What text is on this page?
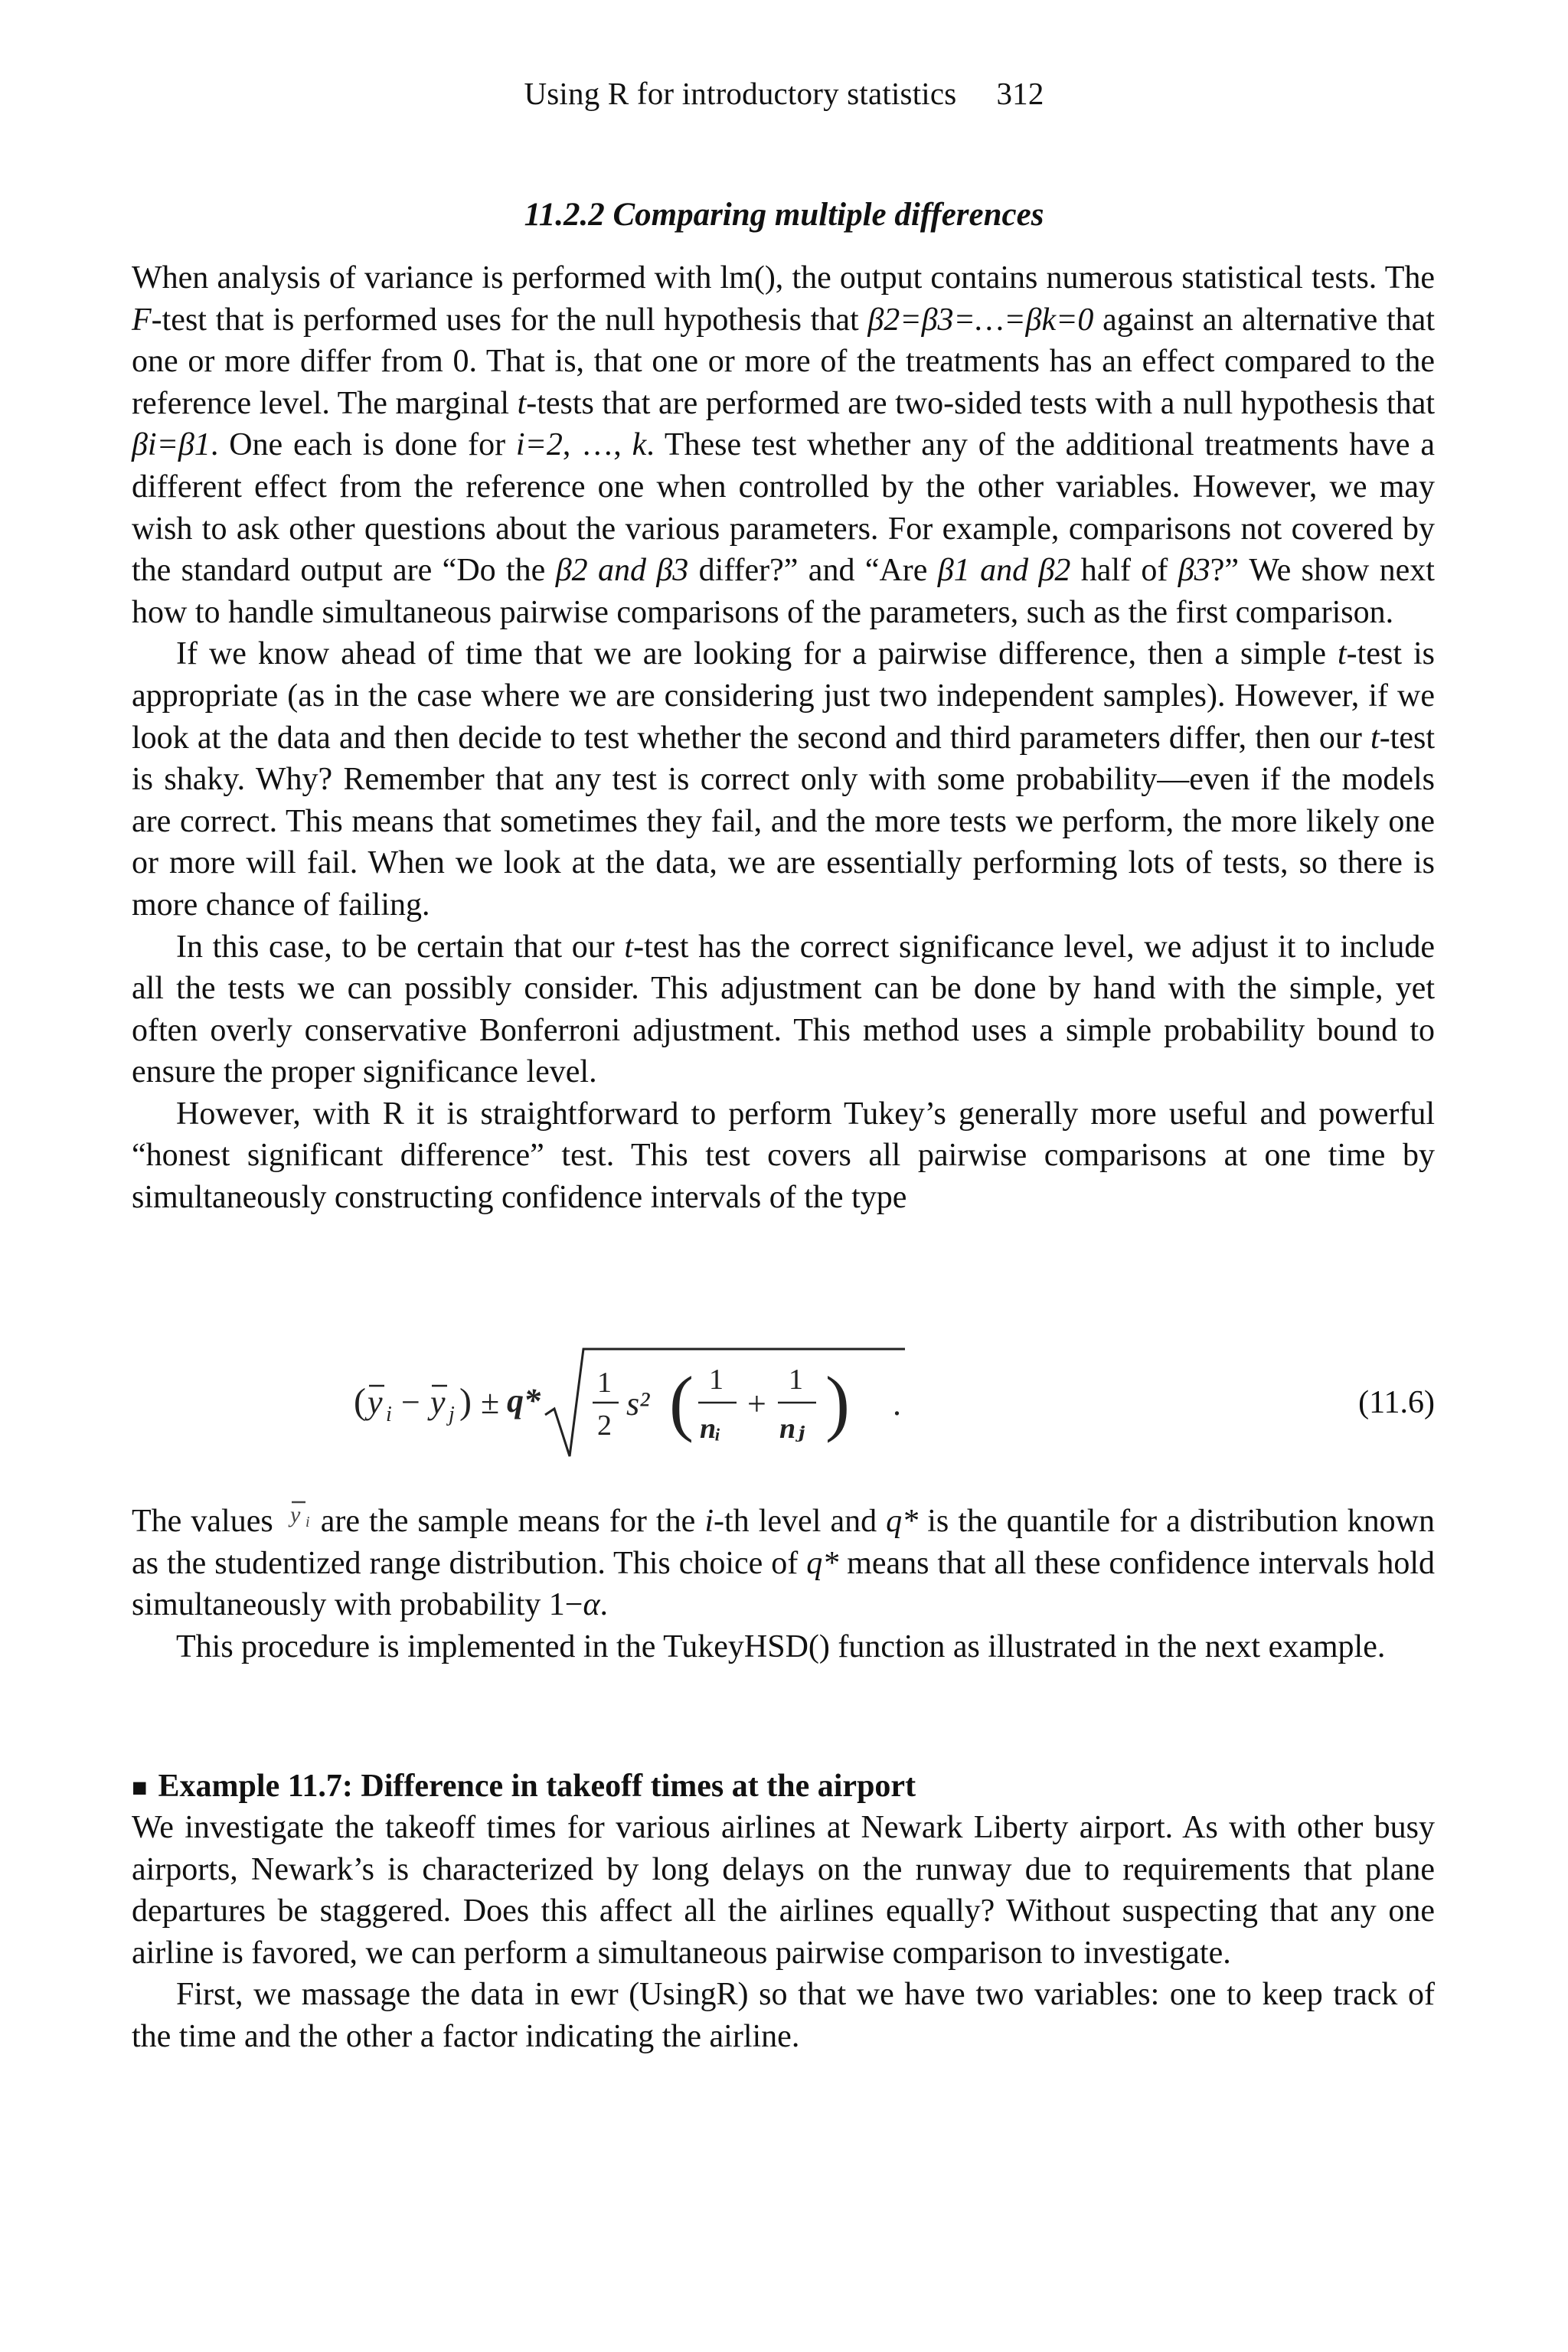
Using R for introductory statistics 312
11.2.2 Comparing multiple differences

When analysis of variance is performed with lm(), the output contains numerous statistical tests. The F-test that is performed uses for the null hypothesis that β2=β3=…=βk=0 against an alternative that one or more differ from 0. That is, that one or more of the treatments has an effect compared to the reference level. The marginal t-tests that are performed are two-sided tests with a null hypothesis that βi=β1. One each is done for i=2, …, k. These test whether any of the additional treatments have a different effect from the reference one when controlled by the other variables. However, we may wish to ask other questions about the various parameters. For example, comparisons not covered by the standard output are “Do the β2 and β3 differ?” and “Are β1 and β2 half of β3?” We show next how to handle simultaneous pairwise comparisons of the parameters, such as the first comparison.

If we know ahead of time that we are looking for a pairwise difference, then a simple t-test is appropriate (as in the case where we are considering just two independent samples). However, if we look at the data and then decide to test whether the second and third parameters differ, then our t-test is shaky. Why? Remember that any test is correct only with some probability—even if the models are correct. This means that sometimes they fail, and the more tests we perform, the more likely one or more will fail. When we look at the data, we are essentially performing lots of tests, so there is more chance of failing.

In this case, to be certain that our t-test has the correct significance level, we adjust it to include all the tests we can possibly consider. This adjustment can be done by hand with the simple, yet often overly conservative Bonferroni adjustment. This method uses a simple probability bound to ensure the proper significance level.

However, with R it is straightforward to perform Tukey’s generally more useful and powerful “honest significant difference” test. This test covers all pairwise comparisons at one time by simultaneously constructing confidence intervals of the type

( y i − y j ) ± q* 1
2
s² ( 1
nᵢ
+
1
nⱼ ) .	(11.6)

The values y i are the sample means for the i-th level and q* is the quantile for a distribution known as the studentized range distribution. This choice of q* means that all these confidence intervals hold simultaneously with probability 1−α.

This procedure is implemented in the TukeyHSD() function as illustrated in the next example.

■ Example 11.7: Difference in takeoff times at the airport

We investigate the takeoff times for various airlines at Newark Liberty airport. As with other busy airports, Newark’s is characterized by long delays on the runway due to requirements that plane departures be staggered. Does this affect all the airlines equally? Without suspecting that any one airline is favored, we can perform a simultaneous pairwise comparison to investigate.

First, we massage the data in ewr (UsingR) so that we have two variables: one to keep track of the time and the other a factor indicating the airline.
